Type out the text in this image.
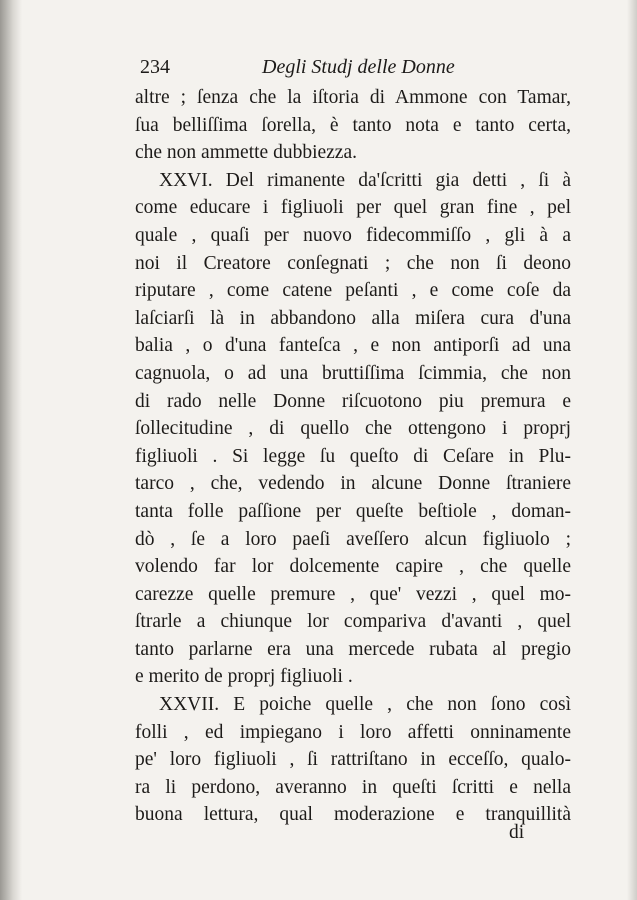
234	Degli Studj delle Donne
altre ; ſenza che la iſtoria di Ammone con Tamar,
ſua belliſſima ſorella, è tanto nota e tanto certa,
che non ammette dubbiezza.
XXVI. Del rimanente da'ſcritti gia detti , ſi à
come educare i figliuoli per quel gran fine , pel
quale , quaſi per nuovo fidecommiſſo , gli à a
noi il Creatore conſegnati ; che non ſi deono
riputare , come catene peſanti , e come coſe da
laſciarſi là in abbandono alla miſera cura d'una
balia , o d'una fanteſca , e non antiporſi ad una
cagnuola, o ad una bruttiſſima ſcimmia, che non
di rado nelle Donne riſcuotono piu premura e
ſollecitudine , di quello che ottengono i proprj
figliuoli . Si legge ſu queſto di Ceſare in Plu-
tarco , che, vedendo in alcune Donne ſtraniere
tanta folle paſſione per queſte beſtiole , doman-
dò , ſe a loro paeſi aveſſero alcun figliuolo ;
volendo far lor dolcemente capire , che quelle
carezze quelle premure , que' vezzi , quel mo-
ſtrarle a chiunque lor compariva d'avanti , quel
tanto parlarne era una mercede rubata al pregio
e merito de proprj figliuoli .
XXVII. E poiche quelle , che non ſono così
folli , ed impiegano i loro affetti onninamente
pe' loro figliuoli , ſi rattriſtano in eccеſſo, qualo-
ra li perdono, averanno in queſti ſcritti e nella
buona lettura, qual moderazione e tranquillità
di
